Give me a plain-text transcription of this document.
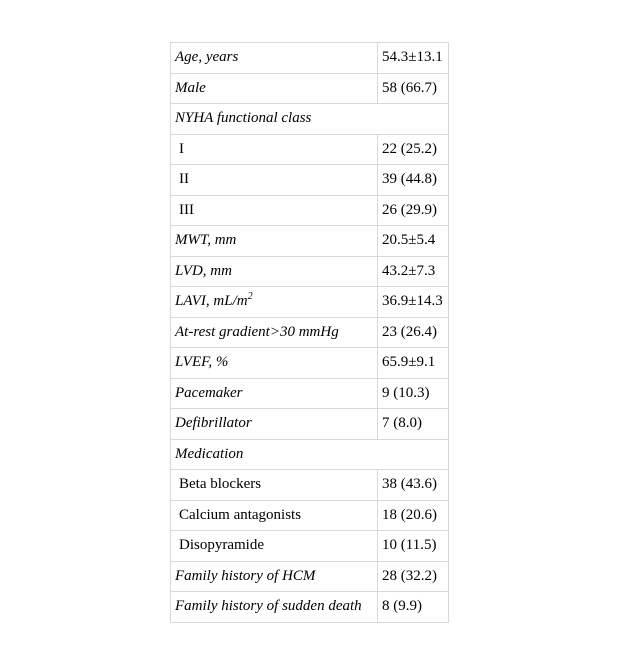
Age, years	54.3±13.1
Male	58 (66.7)
NYHA functional class	
I	22 (25.2)
II	39 (44.8)
III	26 (29.9)
MWT, mm	20.5±5.4
LVD, mm	43.2±7.3
LAVI, $mL/m^2$	36.9±14.3
At-rest gradient>30 mmHg	23 (26.4)
LVEF, %	65.9±9.1
Pacemaker	9 (10.3)
Defibrillator	7 (8.0)
Medication	
Beta blockers	38 (43.6)
Calcium antagonists	18 (20.6)
Disopyramide	10 (11.5)
Family history of HCM	28 (32.2)
Family history of sudden death	8 (9.9)
